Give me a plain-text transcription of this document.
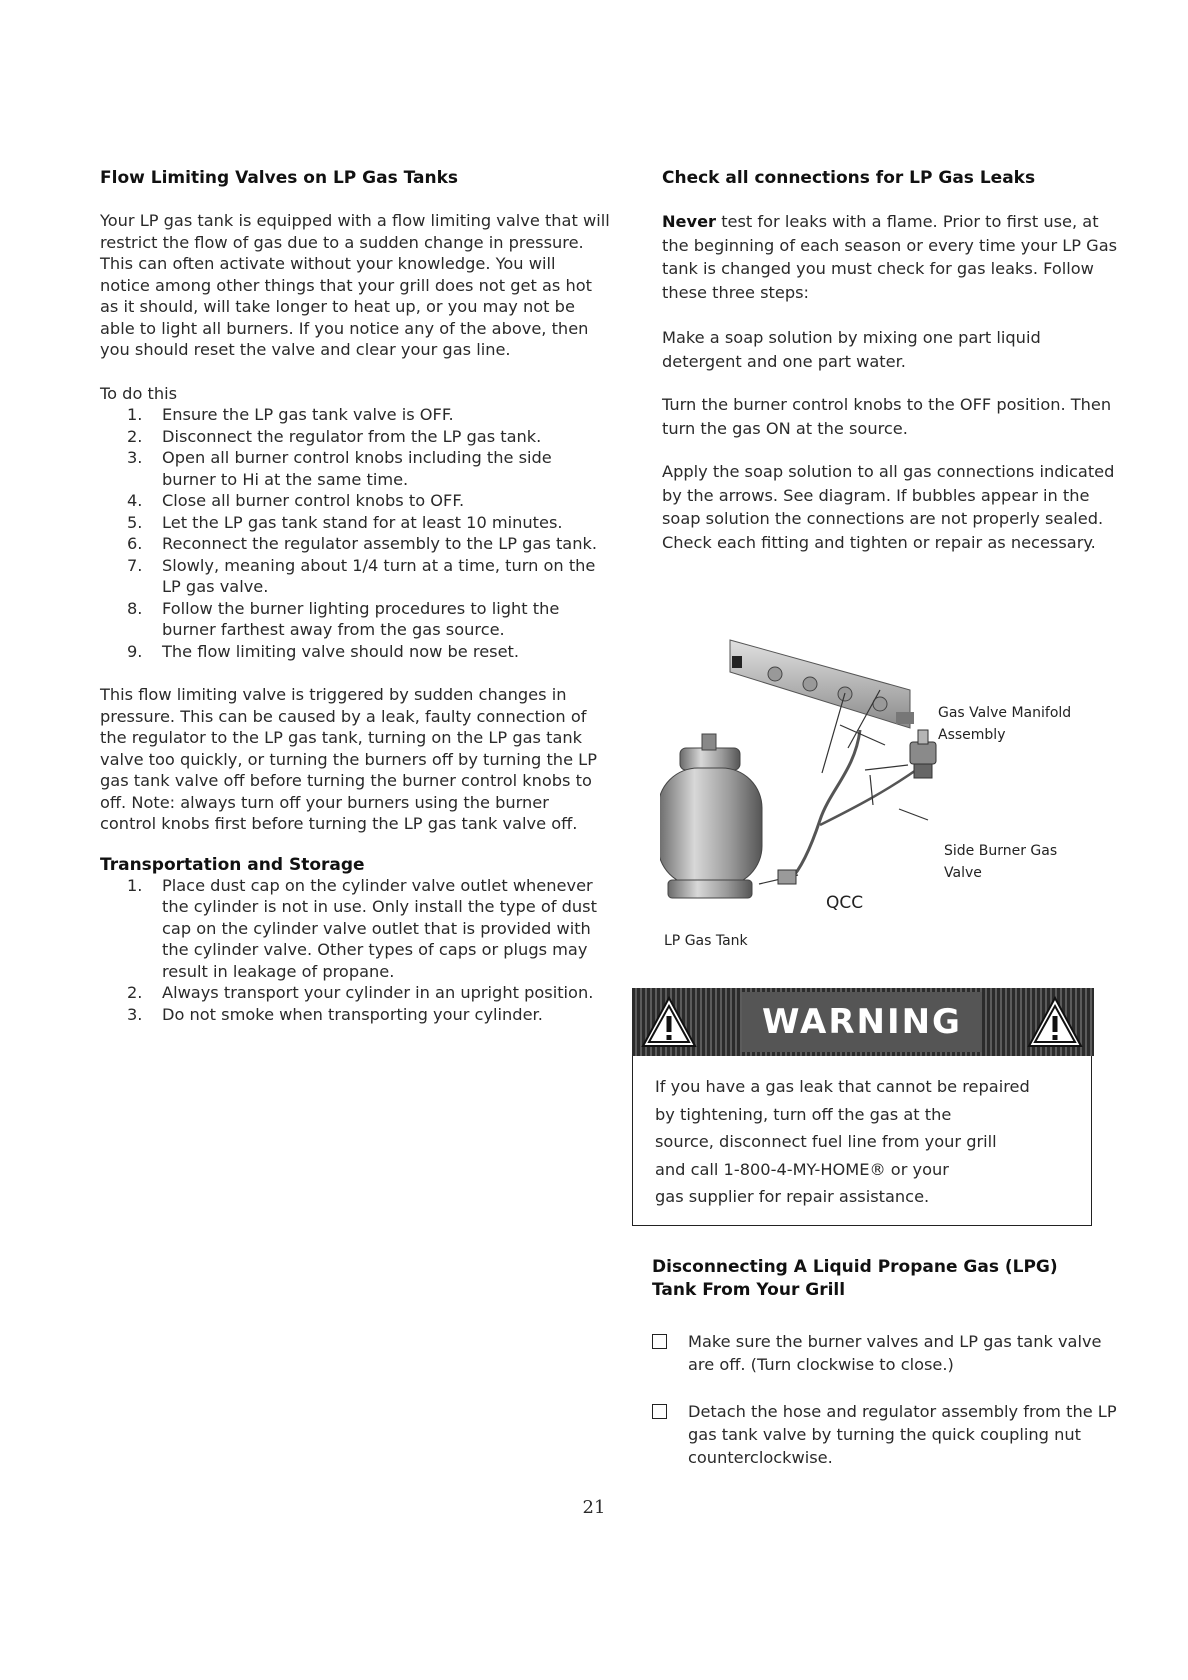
Flow Limiting Valves on LP Gas Tanks

Your LP gas tank is equipped with a flow limiting valve that will restrict the flow of gas due to a sudden change in pressure. This can often activate without your knowledge. You will notice among other things that your grill does not get as hot as it should, will take longer to heat up, or you may not be able to light all burners. If you notice any of the above, then you should reset the valve and clear your gas line.

To do this

1. Ensure the LP gas tank valve is OFF.
2. Disconnect the regulator from the LP gas tank.
3. Open all burner control knobs including the side burner to Hi at the same time.
4. Close all burner control knobs to OFF.
5. Let the LP gas tank stand for at least 10 minutes.
6. Reconnect the regulator assembly to the LP gas tank.
7. Slowly, meaning about 1/4 turn at a time, turn on the LP gas valve.
8. Follow the burner lighting procedures to light the burner farthest away from the gas source.
9. The flow limiting valve should now be reset.

This flow limiting valve is triggered by sudden changes in pressure. This can be caused by a leak, faulty connection of the regulator to the LP gas tank, turning on the LP gas tank valve too quickly, or turning the burners off by turning the LP gas tank valve off before turning the burner control knobs to off. Note: always turn off your burners using the burner control knobs first before turning the LP gas tank valve off.

Transportation and Storage
1. Place dust cap on the cylinder valve outlet whenever the cylinder is not in use. Only install the type of dust cap on the cylinder valve outlet that is provided with the cylinder valve. Other types of caps or plugs may result in leakage of propane.
2. Always transport your cylinder in an upright position.
3. Do not smoke when transporting your cylinder.
Check all connections for LP Gas Leaks

Never test for leaks with a flame. Prior to first use, at the beginning of each season or every time your LP Gas tank is changed you must check for gas leaks. Follow these three steps:

Make a soap solution by mixing one part liquid detergent and one part water.

Turn the burner control knobs to the OFF position. Then turn the gas ON at the source.

Apply the soap solution to all gas connections indicated by the arrows. See diagram. If bubbles appear in the soap solution the connections are not properly sealed. Check each fitting and tighten or repair as necessary.

Gas Valve Manifold
Assembly
Side Burner Gas
Valve
QCC
LP Gas Tank
WARNING
If you have a gas leak that cannot be repaired
by tightening, turn off the gas at the
source, disconnect fuel line from your grill
and call 1-800-4-MY-HOME® or your
gas supplier for repair assistance.
Disconnecting A Liquid Propane Gas (LPG)
Tank From Your Grill
Make sure the burner valves and LP gas tank valve are off. (Turn clockwise to close.)
Detach the hose and regulator assembly from the LP gas tank valve by turning the quick coupling nut counterclockwise.
21
